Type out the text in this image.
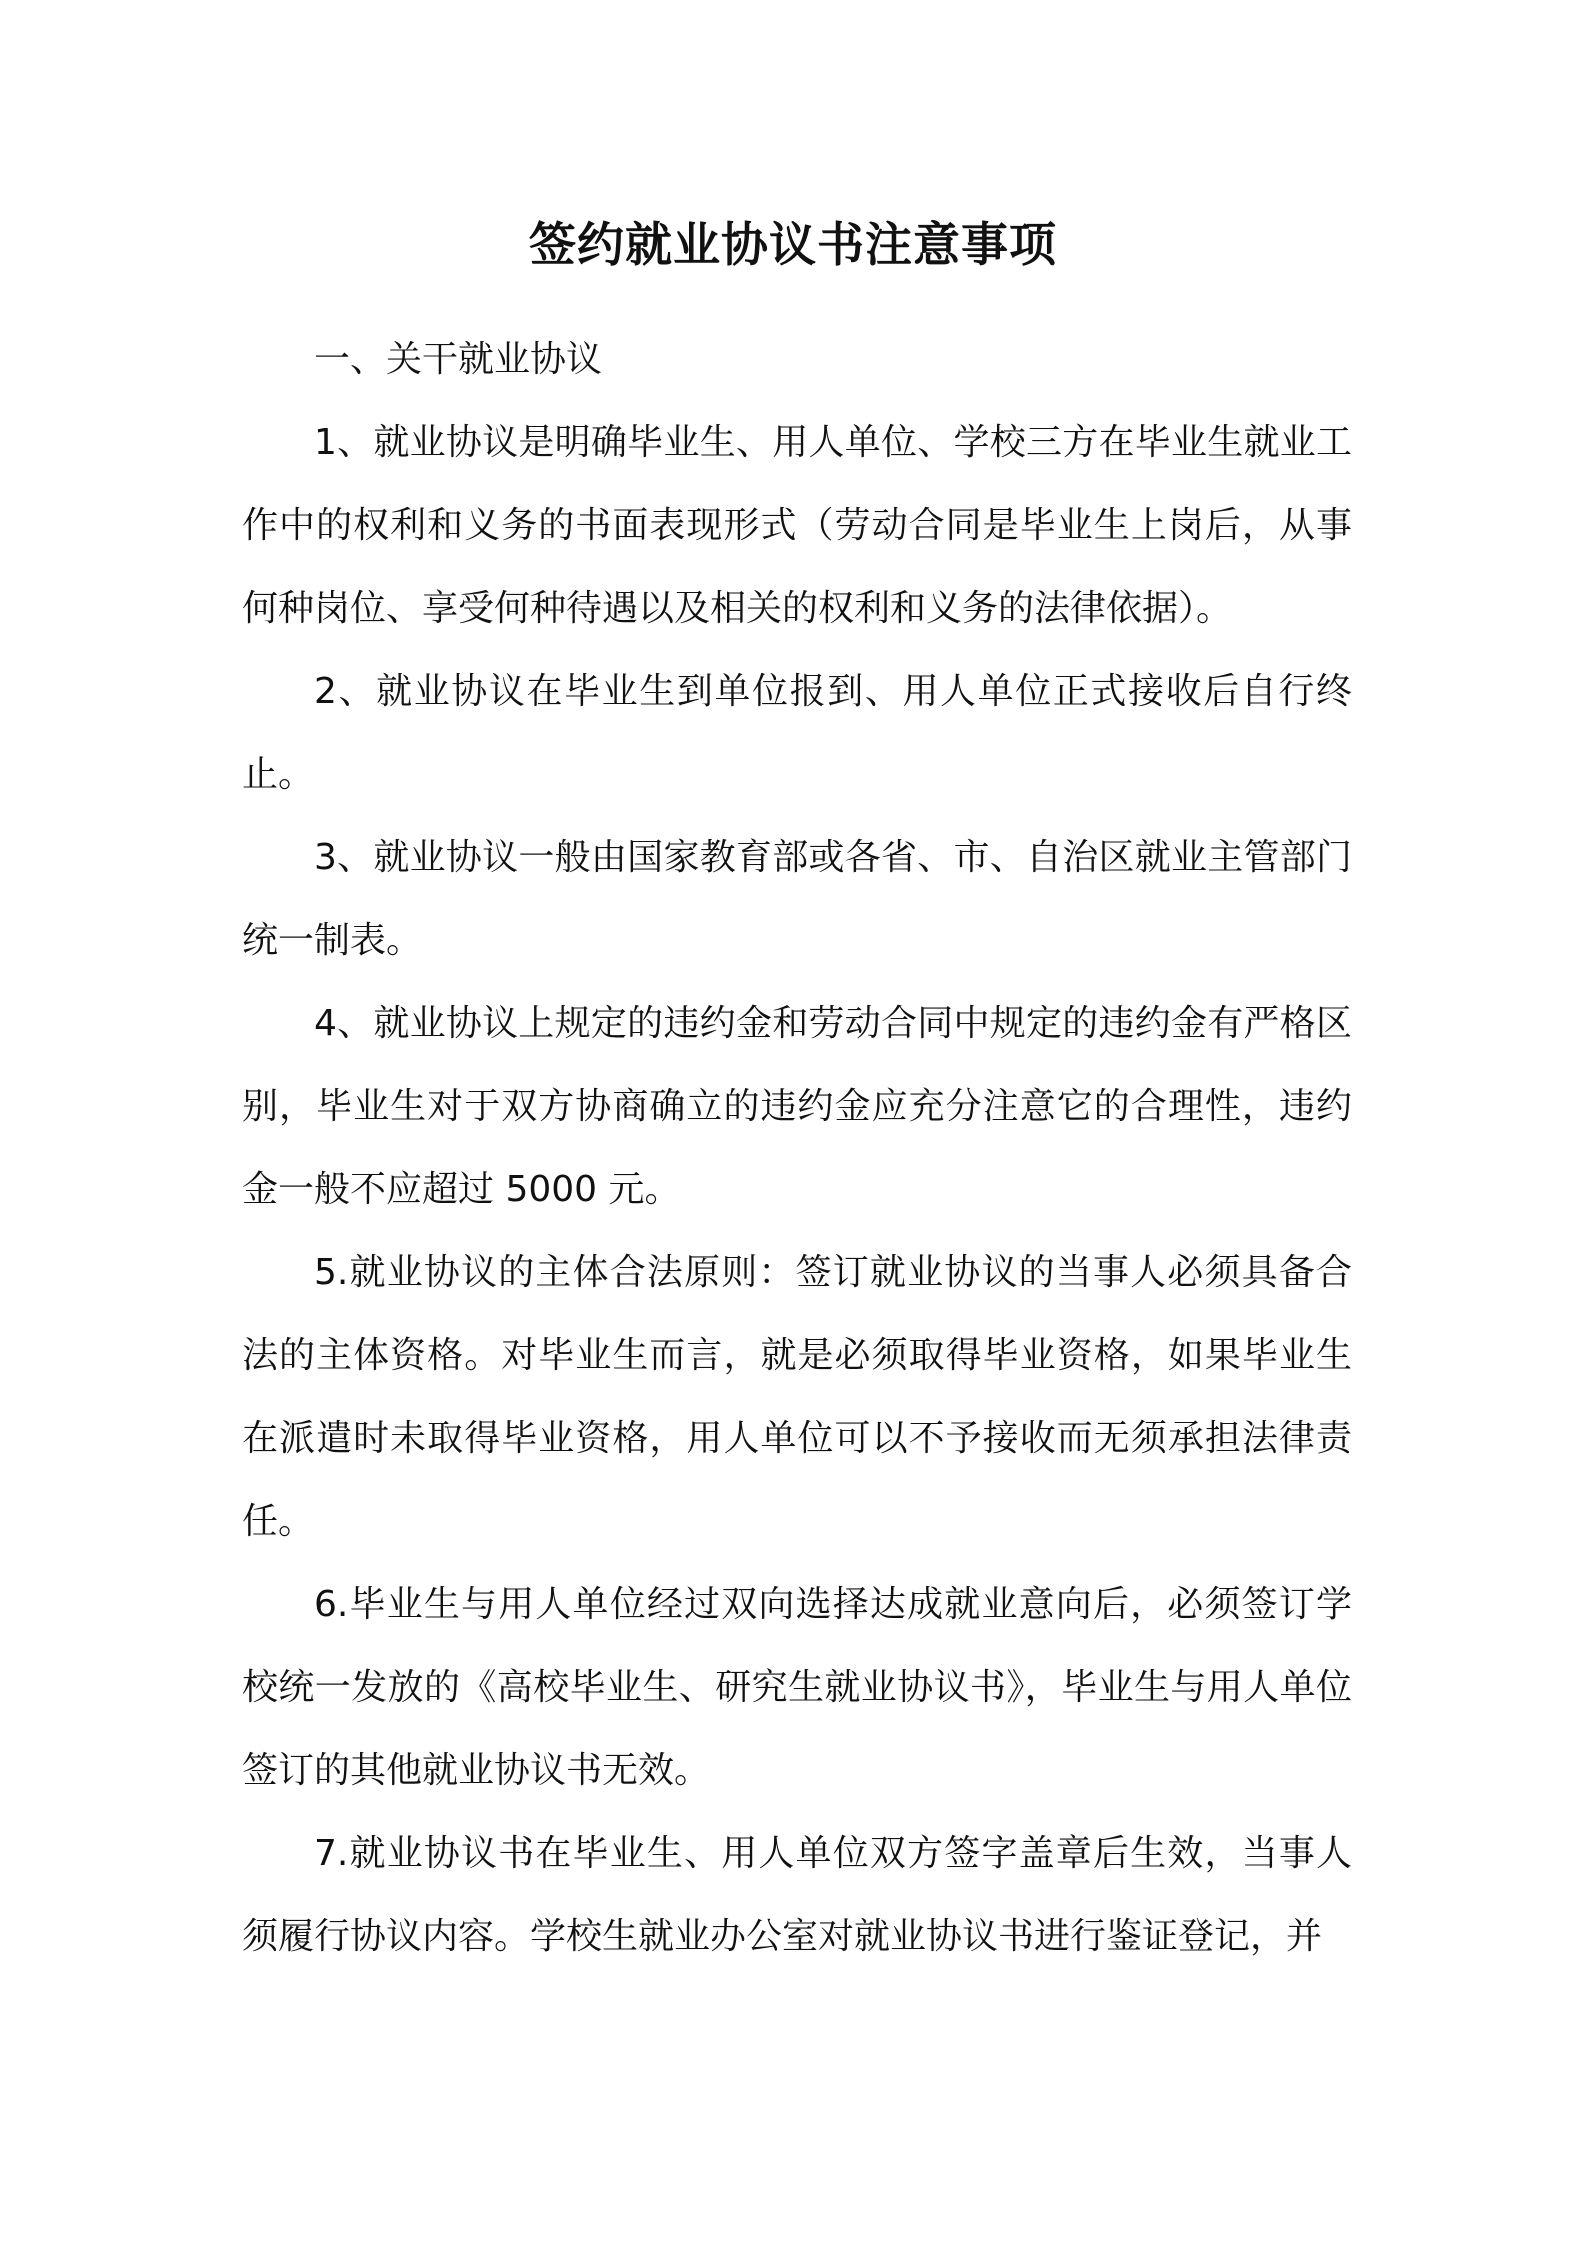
签约就业协议书注意事项

一、关干就业协议

1、就业协议是明确毕业生、用人单位、学校三方在毕业生就业工作中的权利和义务的书面表现形式（劳动合同是毕业生上岗后，从事何种岗位、享受何种待遇以及相关的权利和义务的法律依据）。

2、就业协议在毕业生到单位报到、用人单位正式接收后自行终止。

3、就业协议一般由国家教育部或各省、市、自治区就业主管部门统一制表。

4、就业协议上规定的违约金和劳动合同中规定的违约金有严格区别，毕业生对于双方协商确立的违约金应充分注意它的合理性，违约金一般不应超过 5000 元。

5.就业协议的主体合法原则：签订就业协议的当事人必须具备合法的主体资格。对毕业生而言，就是必须取得毕业资格，如果毕业生在派遣时未取得毕业资格，用人单位可以不予接收而无须承担法律责任。

6.毕业生与用人单位经过双向选择达成就业意向后，必须签订学校统一发放的《高校毕业生、研究生就业协议书》，毕业生与用人单位签订的其他就业协议书无效。

7.就业协议书在毕业生、用人单位双方签字盖章后生效，当事人须履行协议内容。学校生就业办公室对就业协议书进行鉴证登记，并
